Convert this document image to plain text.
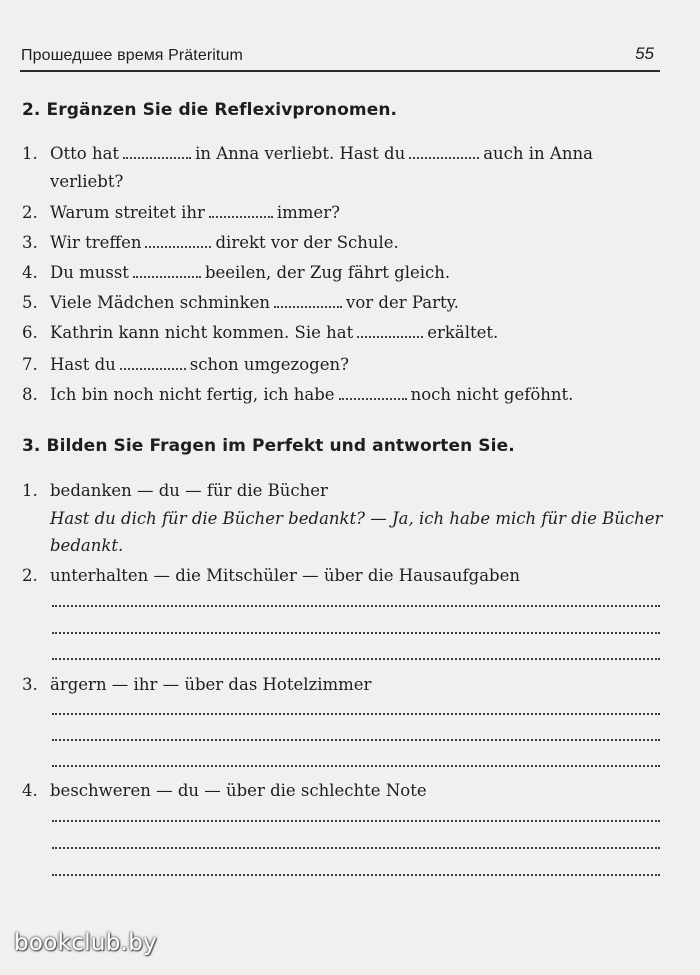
Прошедшее время Präteritum	55
2. Ergänzen Sie die Reflexivpronomen.
1. Otto hat	in Anna verliebt. Hast du	auch in Anna
verliebt?
2. Warum streitet ihr	immer?
3. Wir treffen	direkt vor der Schule.
4. Du musst	beeilen, der Zug fährt gleich.
5. Viele Mädchen schminken	vor der Party.
6. Kathrin kann nicht kommen. Sie hat	erkältet.
7. Hast du	schon umgezogen?
8. Ich bin noch nicht fertig, ich habe	noch nicht geföhnt.
3. Bilden Sie Fragen im Perfekt und antworten Sie.
1. bedanken — du — für die Bücher
Hast du dich für die Bücher bedankt? — Ja, ich habe mich für die Bücher
bedankt.
2. unterhalten — die Mitschüler — über die Hausaufgaben
3. ärgern — ihr — über das Hotelzimmer
4. beschweren — du — über die schlechte Note
bookclub.by
